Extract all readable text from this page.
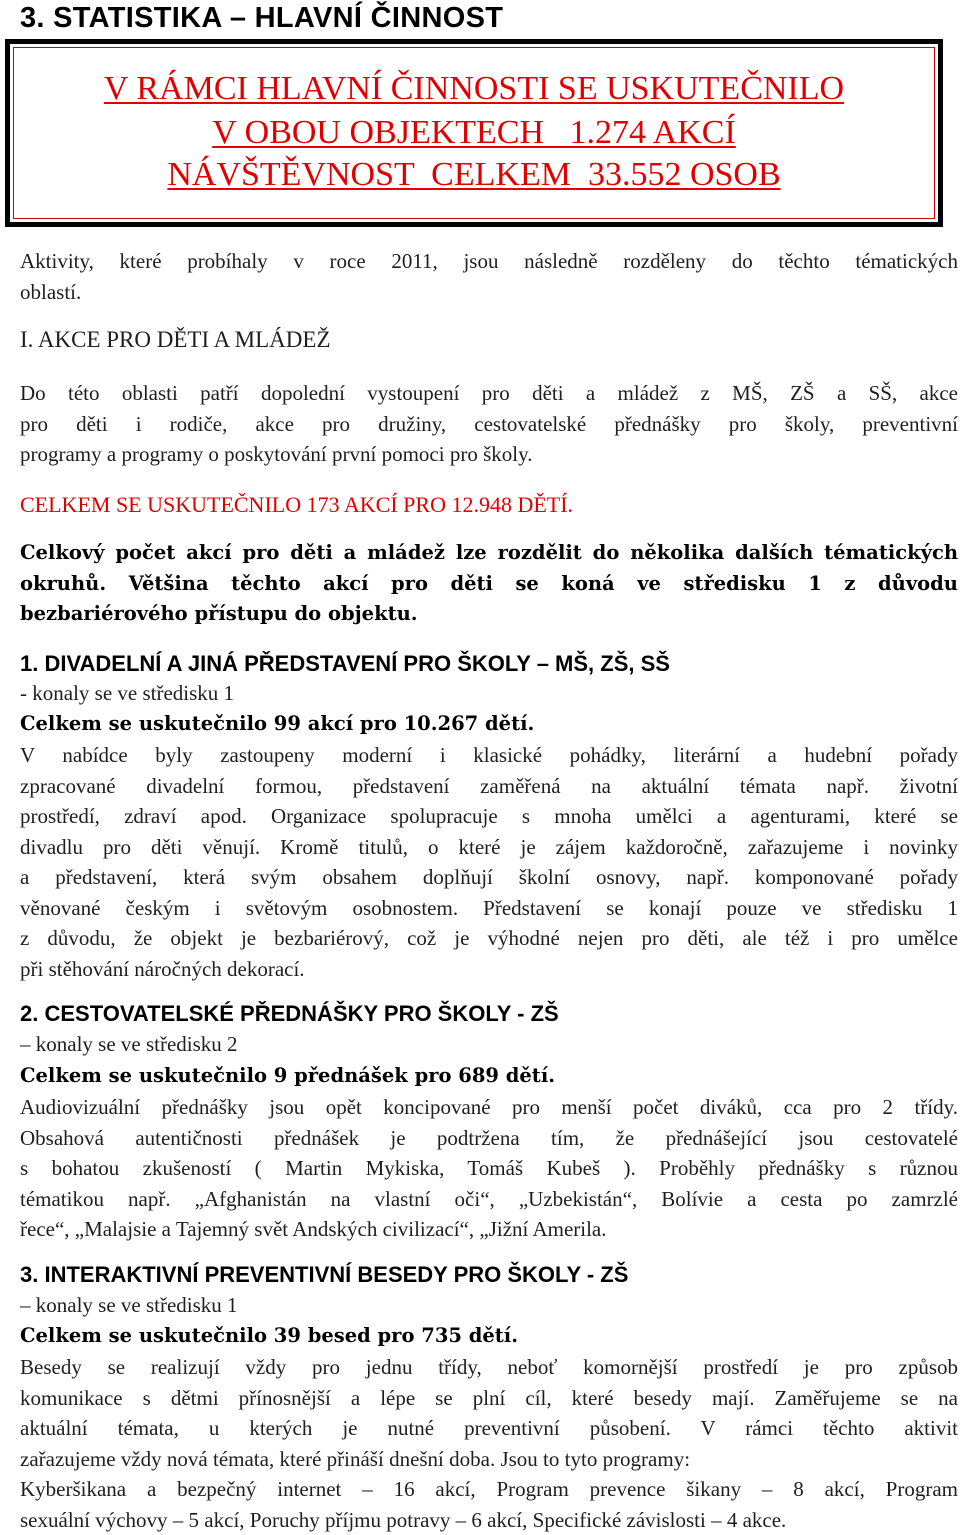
3. STATISTIKA – HLAVNÍ ČINNOST
V RÁMCI HLAVNÍ ČINNOSTI SE USKUTEČNILO
V OBOU OBJEKTECH   1.274 AKCÍ
NÁVŠTĚVNOST  CELKEM  33.552 OSOB
Aktivity, které probíhaly v roce 2011, jsou následně rozděleny do těchto tématických
oblastí.
I. AKCE PRO DĚTI A MLÁDEŽ
Do této oblasti patří dopolední vystoupení pro děti a mládež z MŠ, ZŠ a SŠ, akce
pro děti i rodiče, akce pro družiny, cestovatelské přednášky pro školy, preventivní
programy a programy o poskytování první pomoci pro školy.
CELKEM SE USKUTEČNILO 173 AKCÍ PRO 12.948 DĚTÍ.
Celkový počet akcí pro děti a mládež lze rozdělit do několika dalších tématických
okruhů. Většina těchto akcí pro děti se koná ve středisku 1 z důvodu
bezbariérového přístupu do objektu.
1. DIVADELNÍ A JINÁ PŘEDSTAVENÍ PRO ŠKOLY – MŠ, ZŠ, SŠ
- konaly se ve středisku 1
Celkem se uskutečnilo 99 akcí pro 10.267 dětí.
V nabídce byly zastoupeny moderní i klasické pohádky, literární a hudební pořady
zpracované divadelní formou, představení zaměřená na aktuální témata např. životní
prostředí, zdraví apod. Organizace spolupracuje s mnoha umělci a agenturami, které se
divadlu pro děti věnují. Kromě titulů, o které je zájem každoročně, zařazujeme i novinky
a představení, která svým obsahem doplňují školní osnovy, např. komponované pořady
věnované českým i světovým osobnostem. Představení se konají pouze ve středisku 1
z důvodu, že objekt je bezbariérový, což je výhodné nejen pro děti, ale též i pro umělce
při stěhování náročných dekorací.
2. CESTOVATELSKÉ PŘEDNÁŠKY PRO ŠKOLY - ZŠ
– konaly se ve středisku 2
Celkem se uskutečnilo 9 přednášek pro 689 dětí.
Audiovizuální přednášky jsou opět koncipované pro menší počet diváků, cca pro 2 třídy.
Obsahová autentičnosti přednášek je podtržena tím, že přednášející jsou cestovatelé
s bohatou zkušeností ( Martin Mykiska, Tomáš Kubeš ). Proběhly přednášky s různou
tématikou např. „Afghanistán na vlastní oči“, „Uzbekistán“, Bolívie a cesta po zamrzlé
řece“, „Malajsie a Tajemný svět Andských civilizací“, „Jižní Amerila.
3. INTERAKTIVNÍ PREVENTIVNÍ BESEDY PRO ŠKOLY - ZŠ
– konaly se ve středisku 1
Celkem se uskutečnilo 39 besed pro 735 dětí.
Besedy se realizují vždy pro jednu třídy, neboť komornější prostředí je pro způsob
komunikace s dětmi přínosnější a lépe se plní cíl, které besedy mají. Zaměřujeme se na
aktuální témata, u kterých je nutné preventivní působení. V rámci těchto aktivit
zařazujeme vždy nová témata, které přináší dnešní doba. Jsou to tyto programy:
Kyberšikana a bezpečný internet – 16 akcí, Program prevence šikany – 8 akcí, Program
sexuální výchovy – 5 akcí, Poruchy příjmu potravy – 6 akcí, Specifické závislosti – 4 akce.
